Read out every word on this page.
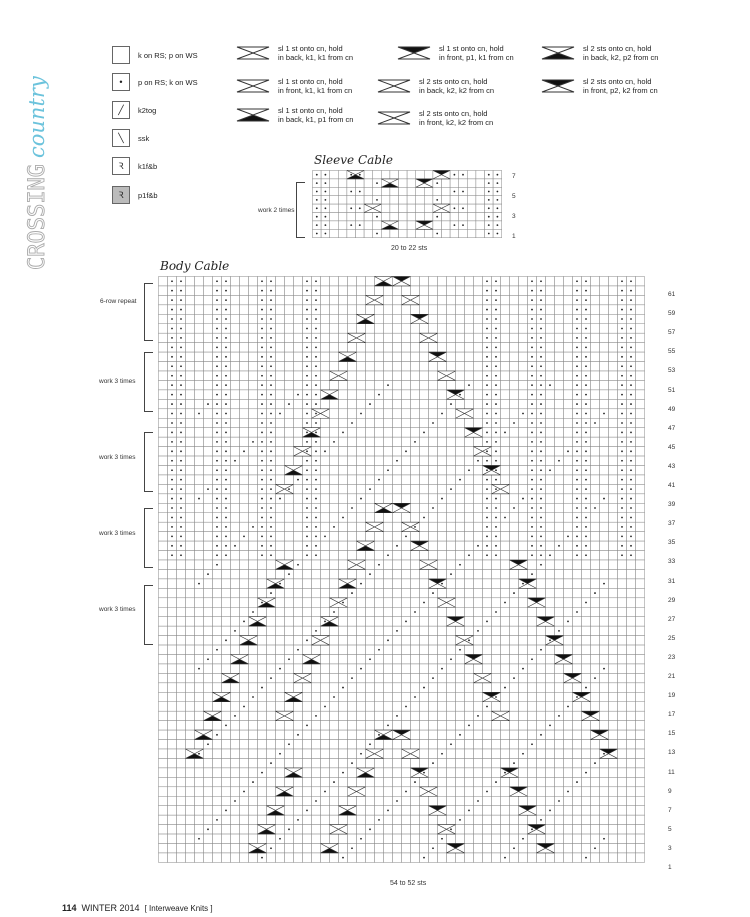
CROSSING
country
k on RS; p on WS
•	p on RS; k on WS
╱	k2tog
╲	ssk
Ꝛ	k1f&b
Ꝛ	p1f&b
sl 1 st onto cn, hold
in back, k1, k1 from cn
sl 1 st onto cn, hold
in front, k1, k1 from cn
sl 1 st onto cn, hold
in back, k1, p1 from cn
sl 1 st onto cn, hold
in front, p1, k1 from cn
sl 2 sts onto cn, hold
in back, k2, k2 from cn
sl 2 sts onto cn, hold
in front, k2, k2 from cn
sl 2 sts onto cn, hold
in back, k2, p2 from cn
sl 2 sts onto cn, hold
in front, p2, k2 from cn
Sleeve Cable
7
5
3
1
work 2 times
20 to 22 sts
Body Cable
61
59
57
55
53
51
49
47
45
43
41
39
37
35
33
31
29
27
25
23
21
19
17
15
13
11
9
7
5
3
1
6-row repeat
work 3 times
work 3 times
work 3 times
work 3 times
54 to 52 sts
114 WINTER 2014 [ Interweave Knits ]
